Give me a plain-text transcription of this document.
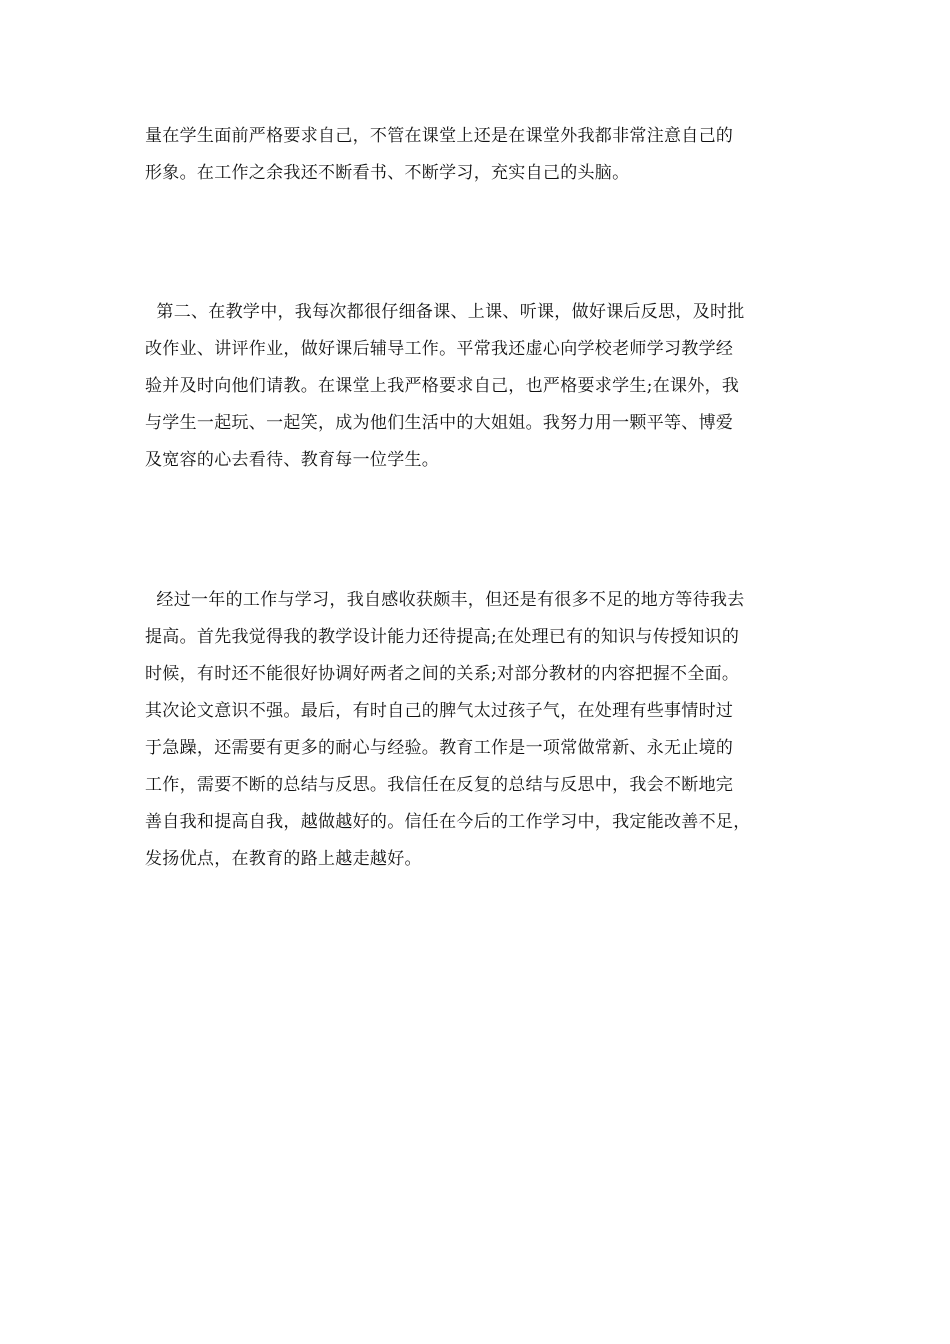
量在学生面前严格要求自己，不管在课堂上还是在课堂外我都非常注意自己的
形象。在工作之余我还不断看书、不断学习，充实自己的头脑。

第二、在教学中，我每次都很仔细备课、上课、听课，做好课后反思，及时批
改作业、讲评作业，做好课后辅导工作。平常我还虚心向学校老师学习教学经
验并及时向他们请教。在课堂上我严格要求自己，也严格要求学生;在课外，我
与学生一起玩、一起笑，成为他们生活中的大姐姐。我努力用一颗平等、博爱
及宽容的心去看待、教育每一位学生。

经过一年的工作与学习，我自感收获颇丰，但还是有很多不足的地方等待我去
提高。首先我觉得我的教学设计能力还待提高;在处理已有的知识与传授知识的
时候，有时还不能很好协调好两者之间的关系;对部分教材的内容把握不全面。
其次论文意识不强。最后，有时自己的脾气太过孩子气，在处理有些事情时过
于急躁，还需要有更多的耐心与经验。教育工作是一项常做常新、永无止境的
工作，需要不断的总结与反思。我信任在反复的总结与反思中，我会不断地完
善自我和提高自我，越做越好的。信任在今后的工作学习中，我定能改善不足，
发扬优点，在教育的路上越走越好。
